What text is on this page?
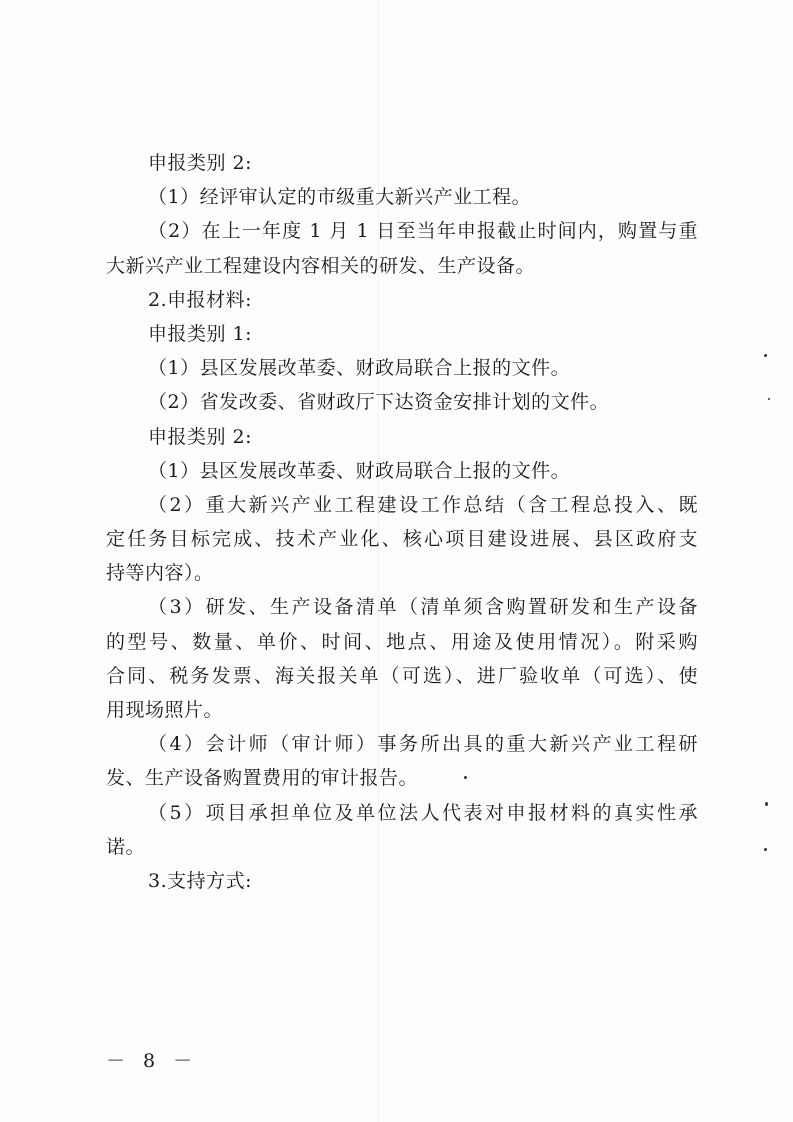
申报类别 2:
（1）经评审认定的市级重大新兴产业工程。
（2）在上一年度 1 月 1 日至当年申报截止时间内，购置与重
大新兴产业工程建设内容相关的研发、生产设备。
2.申报材料:
申报类别 1:
（1）县区发展改革委、财政局联合上报的文件。
（2）省发改委、省财政厅下达资金安排计划的文件。
申报类别 2:
（1）县区发展改革委、财政局联合上报的文件。
（2）重大新兴产业工程建设工作总结（含工程总投入、既
定任务目标完成、技术产业化、核心项目建设进展、县区政府支
持等内容）。
（3）研发、生产设备清单（清单须含购置研发和生产设备
的型号、数量、单价、时间、地点、用途及使用情况）。附采购
合同、税务发票、海关报关单（可选）、进厂验收单（可选）、使
用现场照片。
（4）会计师（审计师）事务所出具的重大新兴产业工程研
发、生产设备购置费用的审计报告。
（5）项目承担单位及单位法人代表对申报材料的真实性承
诺。
3.支持方式:
－ 8 －
